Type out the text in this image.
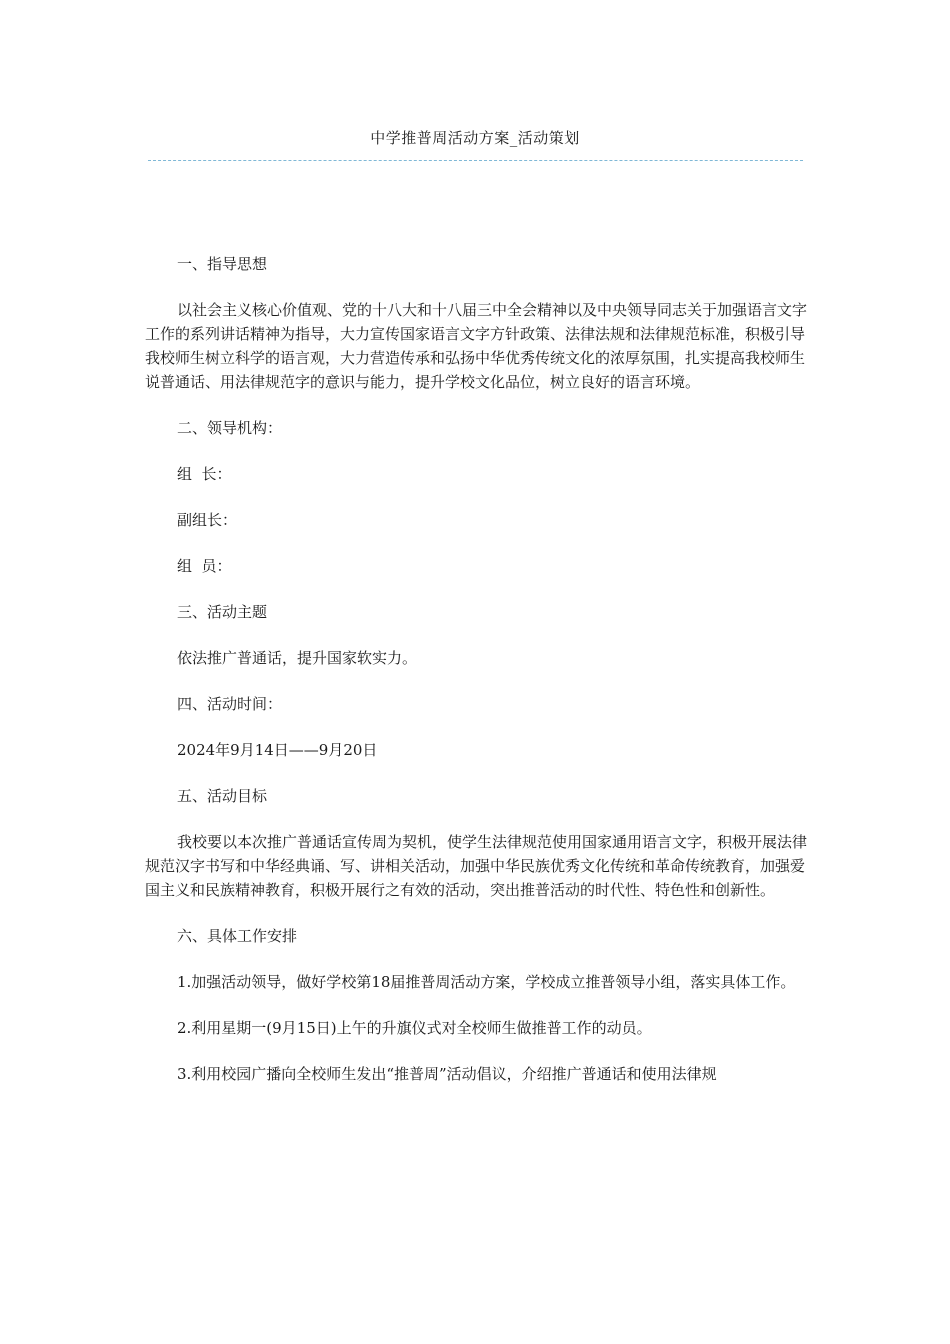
中学推普周活动方案_活动策划

一、指导思想

以社会主义核心价值观、党的十八大和十八届三中全会精神以及中央领导同志关于加强语言文字工作的系列讲话精神为指导，大力宣传国家语言文字方针政策、法律法规和法律规范标准，积极引导我校师生树立科学的语言观，大力营造传承和弘扬中华优秀传统文化的浓厚氛围，扎实提高我校师生说普通话、用法律规范字的意识与能力，提升学校文化品位，树立良好的语言环境。

二、领导机构：

组  长：

副组长：

组  员：

三、活动主题

依法推广普通话，提升国家软实力。

四、活动时间：

2024年9月14日——9月20日

五、活动目标

我校要以本次推广普通话宣传周为契机，使学生法律规范使用国家通用语言文字，积极开展法律规范汉字书写和中华经典诵、写、讲相关活动，加强中华民族优秀文化传统和革命传统教育，加强爱国主义和民族精神教育，积极开展行之有效的活动，突出推普活动的时代性、特色性和创新性。

六、具体工作安排

1.加强活动领导，做好学校第18届推普周活动方案，学校成立推普领导小组，落实具体工作。

2.利用星期一(9月15日)上午的升旗仪式对全校师生做推普工作的动员。

3.利用校园广播向全校师生发出“推普周”活动倡议，介绍推广普通话和使用法律规
